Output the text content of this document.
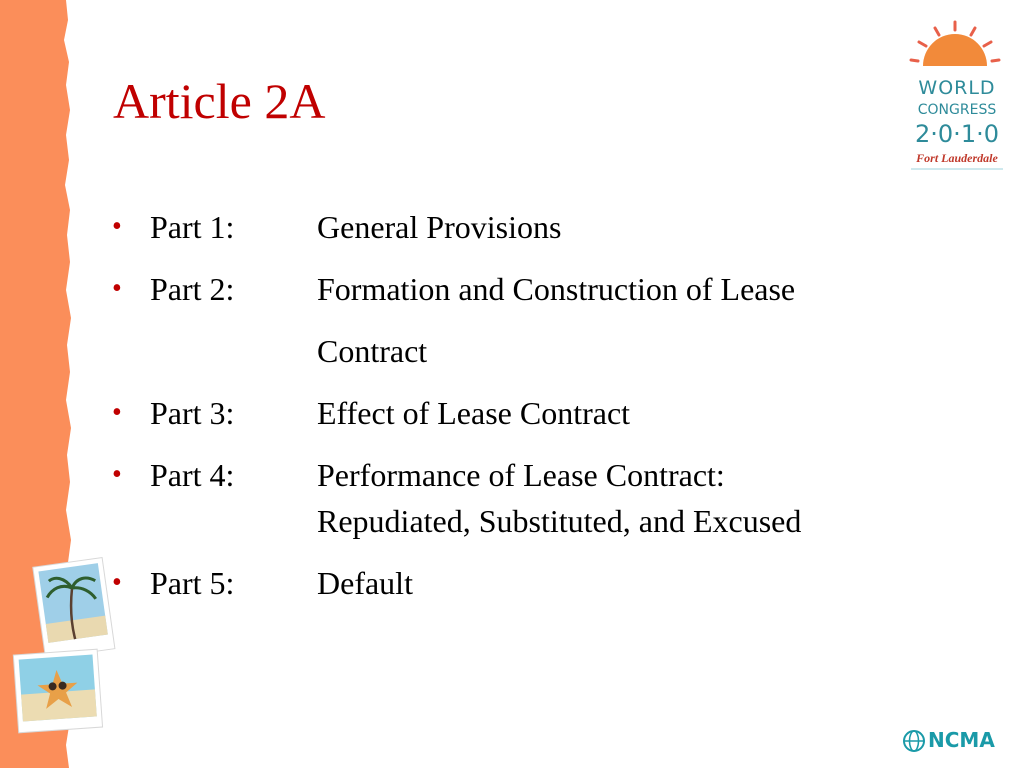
Article 2A
• Part 1:	General Provisions
• Part 2:	Formation and Construction of Lease
Contract
• Part 3:	Effect of Lease Contract
• Part 4:	Performance of Lease Contract:
Repudiated, Substituted, and Excused
• Part 5:	Default
WORLD
CONGRESS
2·0·1·0
Fort Lauderdale
NCMA
